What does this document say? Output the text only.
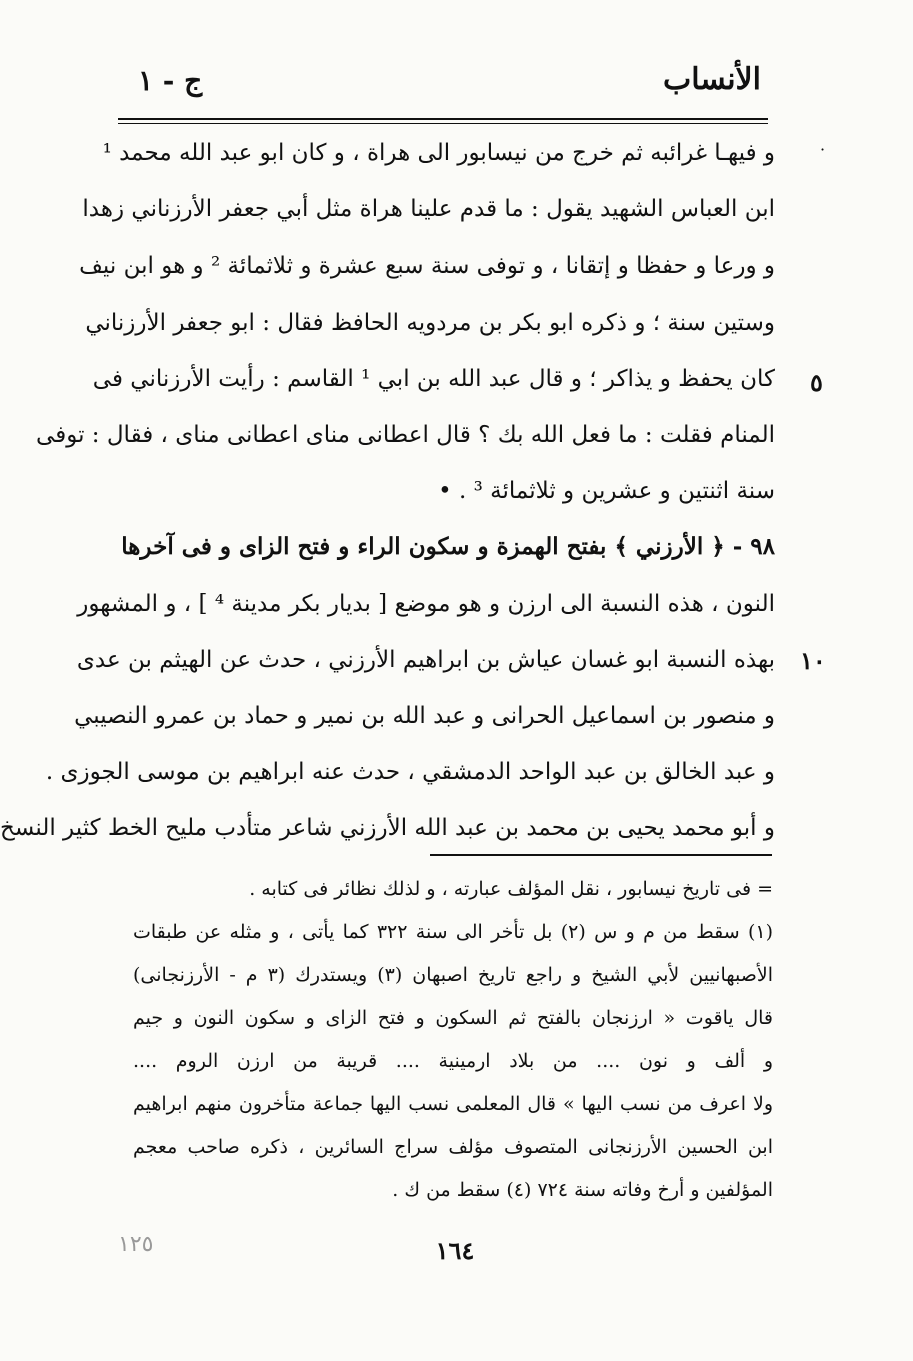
الأنساب
ج - ١
·
٥
١٠
و فيهـا غرائبه ثم خرج من نيسابور الى هراة ، و كان ابو عبد الله محمد ¹
ابن العباس الشهيد يقول : ما قدم علينا هراة مثل أبي جعفر الأرزناني زهدا
و ورعا و حفظا و إتقانا ، و توفى سنة سبع عشرة و ثلاثمائة ² و هو ابن نيف
وستين سنة ؛ و ذكره ابو بكر بن مردويه الحافظ فقال : ابو جعفر الأرزناني
كان يحفظ و يذاكر ؛ و قال عبد الله بن ابي ¹ القاسم : رأيت الأرزناني فى
المنام فقلت : ما فعل الله بك ؟ قال اعطانى مناى اعطانى مناى ، فقال : توفى
سنة اثنتين و عشرين و ثلاثمائة ³ . •
٩٨ - ﴿ الأرزني ﴾ بفتح الهمزة و سكون الراء و فتح الزاى و فى آخرها
النون ، هذه النسبة الى ارزن و هو موضع [ بديار بكر مدينة ⁴ ] ، و المشهور
بهذه النسبة ابو غسان عياش بن ابراهيم الأرزني ، حدث عن الهيثم بن عدى
و منصور بن اسماعيل الحرانى و عبد الله بن نمير و حماد بن عمرو النصيبي
و عبد الخالق بن عبد الواحد الدمشقي ، حدث عنه ابراهيم بن موسى الجوزى .
و أبو محمد يحيى بن محمد بن عبد الله الأرزني شاعر متأدب مليح الخط كثير النسخ
= فى تاريخ نيسابور ، نقل المؤلف عبارته ، و لذلك نظائر فى كتابه .
(١) سقط من م و س (٢) بل تأخر الى سنة ٣٢٢ كما يأتى ، و مثله عن طبقات
الأصبهانيين لأبي الشيخ و راجع تاريخ اصبهان (٣) ويستدرك (٣ م - الأرزنجانى)
قال ياقوت « ارزنجان بالفتح ثم السكون و فتح الزاى و سكون النون و جيم
و ألف و نون .... من بلاد ارمينية .... قريبة من ارزن الروم ....
ولا اعرف من نسب اليها » قال المعلمى نسب اليها جماعة متأخرون منهم ابراهيم
ابن الحسين الأرزنجانى المتصوف مؤلف سراج السائرين ، ذكره صاحب معجم
المؤلفين و أرخ وفاته سنة ٧٢٤ (٤) سقط من ك .
١٦٤
١٢٥
